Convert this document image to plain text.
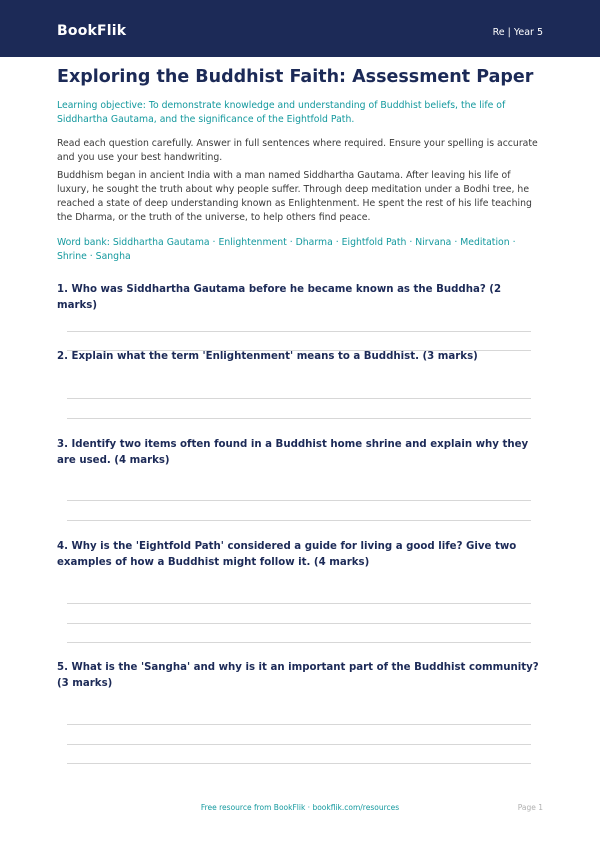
BookFlik	Re | Year 5
Exploring the Buddhist Faith: Assessment Paper

Learning objective: To demonstrate knowledge and understanding of Buddhist beliefs, the life of Siddhartha Gautama, and the significance of the Eightfold Path.

Read each question carefully. Answer in full sentences where required. Ensure your spelling is accurate and you use your best handwriting.

Buddhism began in ancient India with a man named Siddhartha Gautama. After leaving his life of luxury, he sought the truth about why people suffer. Through deep meditation under a Bodhi tree, he reached a state of deep understanding known as Enlightenment. He spent the rest of his life teaching the Dharma, or the truth of the universe, to help others find peace.

Word bank: Siddhartha Gautama · Enlightenment · Dharma · Eightfold Path · Nirvana · Meditation · Shrine · Sangha

1. Who was Siddhartha Gautama before he became known as the Buddha? (2 marks)

2. Explain what the term 'Enlightenment' means to a Buddhist. (3 marks)

3. Identify two items often found in a Buddhist home shrine and explain why they are used. (4 marks)

4. Why is the 'Eightfold Path' considered a guide for living a good life? Give two examples of how a Buddhist might follow it. (4 marks)

5. What is the 'Sangha' and why is it an important part of the Buddhist community? (3 marks)

Free resource from BookFlik · bookflik.com/resources	Page 1
